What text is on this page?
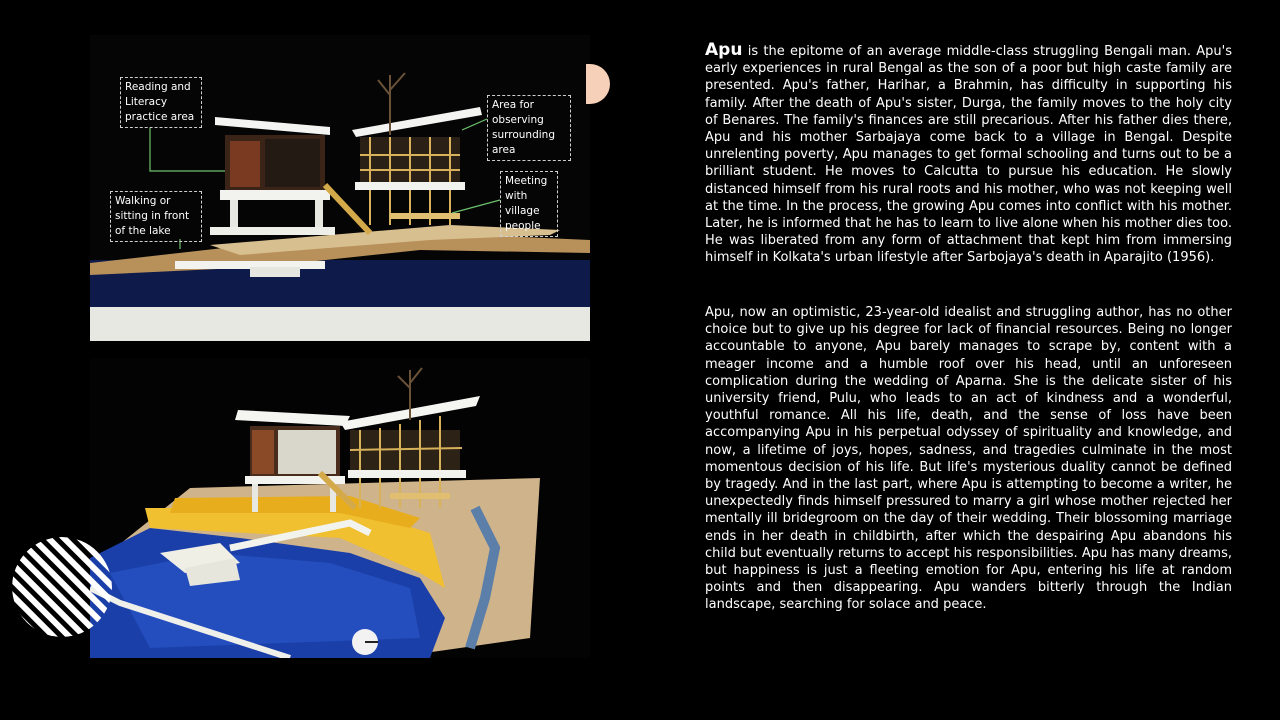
Reading and
Literacy
practice area
Area for
observing
surrounding
area
Walking or
sitting in front
of the lake
Meeting
with
village
people
Apu is the epitome of an average middle-class struggling Bengali man. Apu's early experiences in rural Bengal as the son of a poor but high caste family are presented. Apu's father, Harihar, a Brahmin, has difficulty in supporting his family. After the death of Apu's sister, Durga, the family moves to the holy city of Benares. The family's finances are still precarious. After his father dies there, Apu and his mother Sarbajaya come back to a village in Bengal. Despite unrelenting poverty, Apu manages to get formal schooling and turns out to be a brilliant student. He moves to Calcutta to pursue his education. He slowly distanced himself from his rural roots and his mother, who was not keeping well at the time. In the process, the growing Apu comes into conflict with his mother. Later, he is informed that he has to learn to live alone when his mother dies too. He was liberated from any form of attachment that kept him from immersing himself in Kolkata's urban lifestyle after Sarbojaya's death in Aparajito (1956).
Apu, now an optimistic, 23-year-old idealist and struggling author, has no other choice but to give up his degree for lack of financial resources. Being no longer accountable to anyone, Apu barely manages to scrape by, content with a meager income and a humble roof over his head, until an unforeseen complication during the wedding of Aparna. She is the delicate sister of his university friend, Pulu, who leads to an act of kindness and a wonderful, youthful romance. All his life, death, and the sense of loss have been accompanying Apu in his perpetual odyssey of spirituality and knowledge, and now, a lifetime of joys, hopes, sadness, and tragedies culminate in the most momentous decision of his life. But life's mysterious duality cannot be defined by tragedy. And in the last part, where Apu is attempting to become a writer, he unexpectedly finds himself pressured to marry a girl whose mother rejected her mentally ill bridegroom on the day of their wedding. Their blossoming marriage ends in her death in childbirth, after which the despairing Apu abandons his child but eventually returns to accept his responsibilities. Apu has many dreams, but happiness is just a fleeting emotion for Apu, entering his life at random points and then disappearing. Apu wanders bitterly through the Indian landscape, searching for solace and peace.
